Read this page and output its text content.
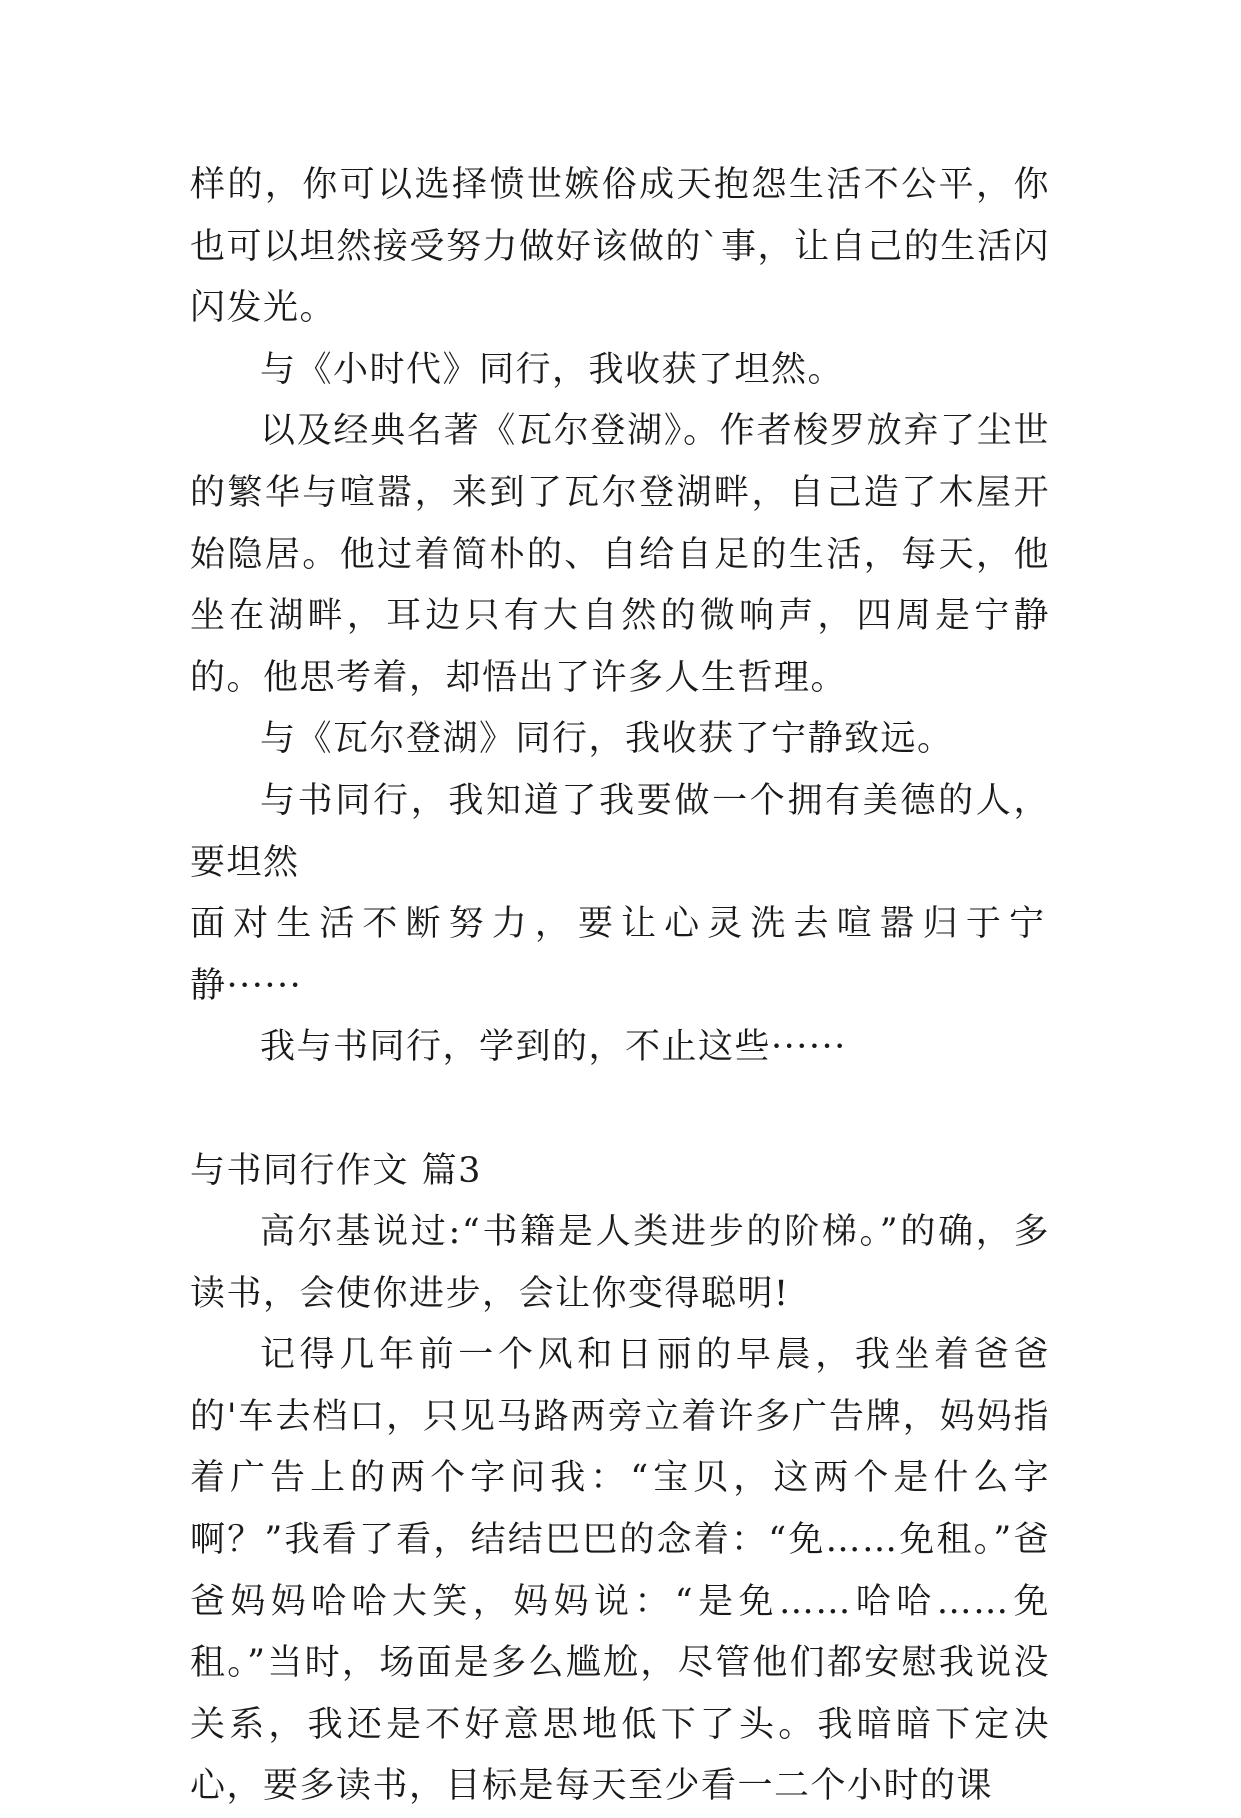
样的，你可以选择愤世嫉俗成天抱怨生活不公平，你也可以坦然接受努力做好该做的`事，让自己的生活闪闪发光。

与《小时代》同行，我收获了坦然。

以及经典名著《瓦尔登湖》。作者梭罗放弃了尘世的繁华与喧嚣，来到了瓦尔登湖畔，自己造了木屋开始隐居。他过着简朴的、自给自足的生活，每天，他坐在湖畔，耳边只有大自然的微响声，四周是宁静的。他思考着，却悟出了许多人生哲理。

与《瓦尔登湖》同行，我收获了宁静致远。

与书同行，我知道了我要做一个拥有美德的人，要坦然

面对生活不断努力，要让心灵洗去喧嚣归于宁

静······

我与书同行，学到的，不止这些······

与书同行作文 篇3

高尔基说过:“书籍是人类进步的阶梯。”的确，多读书，会使你进步，会让你变得聪明!

记得几年前一个风和日丽的早晨，我坐着爸爸的'车去档口，只见马路两旁立着许多广告牌，妈妈指着广告上的两个字问我：“宝贝，这两个是什么字啊？”我看了看，结结巴巴的念着：“免……免租。”爸爸妈妈哈哈大笑，妈妈说：“是免……哈哈……免租。”当时，场面是多么尴尬，尽管他们都安慰我说没关系，我还是不好意思地低下了头。我暗暗下定决心，要多读书，目标是每天至少看一二个小时的课
